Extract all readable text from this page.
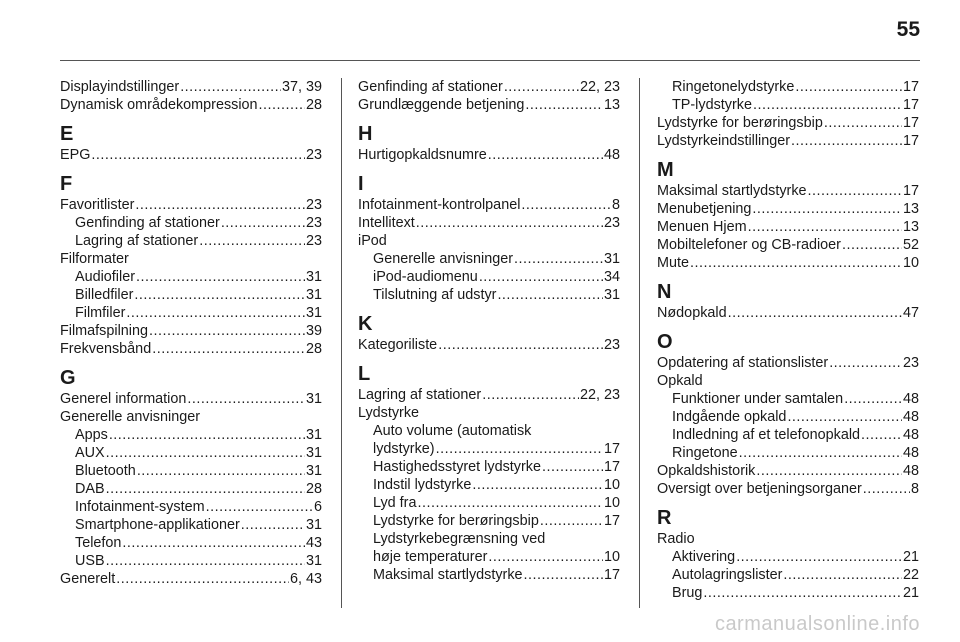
55
Displayindstillinger .....	37, 39
Dynamisk områdekompression .....	28
E
EPG .....	23
F
Favoritlister .....	23
Genfinding af stationer .....	23
Lagring af stationer .....	23
Filformater
Audiofiler .....	31
Billedfiler .....	31
Filmfiler .....	31
Filmafspilning .....	39
Frekvensbånd .....	28
G
Generel information .....	31
Generelle anvisninger
Apps .....	31
AUX .....	31
Bluetooth .....	31
DAB .....	28
Infotainment-system .....	6
Smartphone-applikationer .....	31
Telefon .....	43
USB .....	31
Generelt .....	6, 43
Genfinding af stationer .....	22, 23
Grundlæggende betjening .....	13
H
Hurtigopkaldsnumre .....	48
I
Infotainment-kontrolpanel .....	8
Intellitext .....	23
iPod
Generelle anvisninger .....	31
iPod-audiomenu .....	34
Tilslutning af udstyr .....	31
K
Kategoriliste .....	23
L
Lagring af stationer .....	22, 23
Lydstyrke
Auto volume (automatisk
lydstyrke) .....	17
Hastighedsstyret lydstyrke .....	17
Indstil lydstyrke .....	10
Lyd fra .....	10
Lydstyrke for berøringsbip .....	17
Lydstyrkebegrænsning ved
høje temperaturer .....	10
Maksimal startlydstyrke .....	17
Ringetonelydstyrke .....	17
TP-lydstyrke .....	17
Lydstyrke for berøringsbip .....	17
Lydstyrkeindstillinger .....	17
M
Maksimal startlydstyrke .....	17
Menubetjening .....	13
Menuen Hjem .....	13
Mobiltelefoner og CB-radioer .....	52
Mute .....	10
N
Nødopkald .....	47
O
Opdatering af stationslister .....	23
Opkald
Funktioner under samtalen .....	48
Indgående opkald .....	48
Indledning af et telefonopkald .....	48
Ringetone .....	48
Opkaldshistorik .....	48
Oversigt over betjeningsorganer .....	8
R
Radio
Aktivering .....	21
Autolagringslister .....	22
Brug .....	21
carmanualsonline.info
